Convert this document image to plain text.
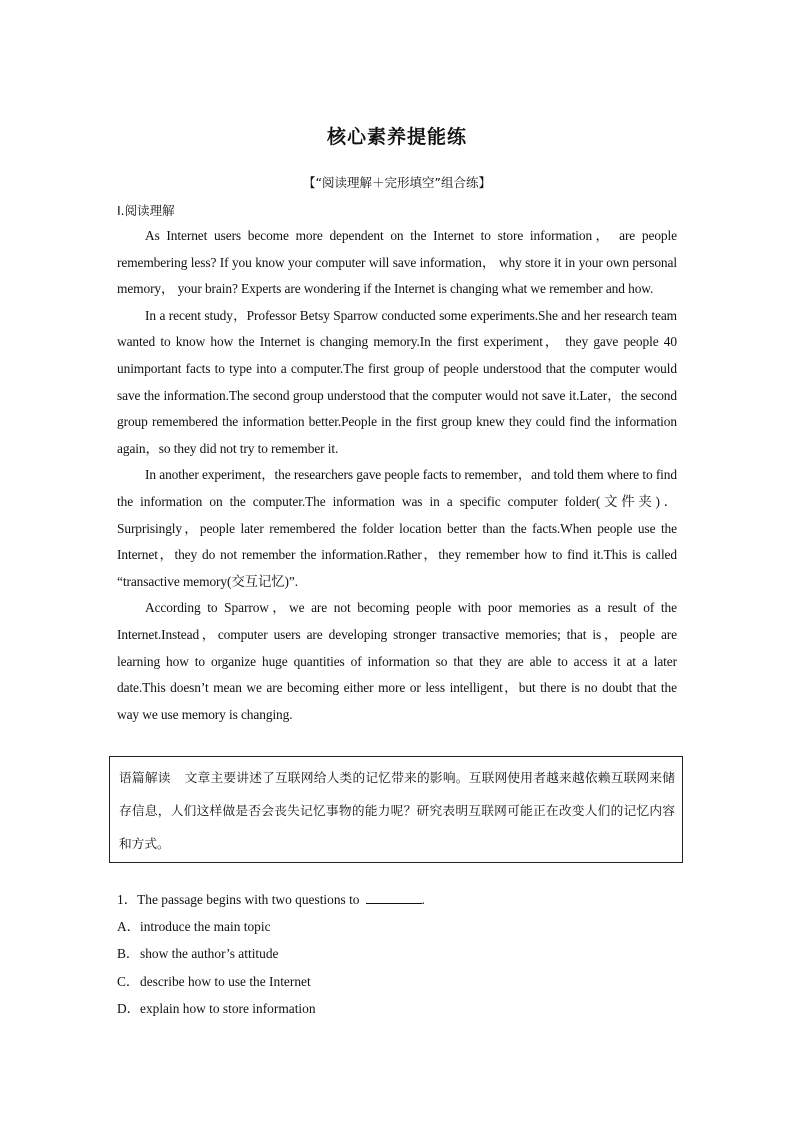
核心素养提能练
【“阅读理解＋完形填空”组合练】
Ⅰ.阅读理解

As Internet users become more dependent on the Internet to store information， are people remembering less? If you know your computer will save information， why store it in your own personal memory， your brain? Experts are wondering if the Internet is changing what we remember and how.

In a recent study，Professor Betsy Sparrow conducted some experiments.She and her research team wanted to know how the Internet is changing memory.In the first experiment， they gave people 40 unimportant facts to type into a computer.The first group of people understood that the computer would save the information.The second group understood that the computer would not save it.Later，the second group remembered the information better.People in the first group knew they could find the information again，so they did not try to remember it.

In another experiment，the researchers gave people facts to remember，and told them where to find the information on the computer.The information was in a specific computer folder(文件夹)．Surprisingly，people later remembered the folder location better than the facts.When people use the Internet，they do not remember the information.Rather，they remember how to find it.This is called “transactive memory(交互记忆)”.

According to Sparrow，we are not becoming people with poor memories as a result of the Internet.Instead，computer users are developing stronger transactive memories; that is，people are learning how to organize huge quantities of information so that they are able to access it at a later date.This doesn’t mean we are becoming either more or less intelligent，but there is no doubt that the way we use memory is changing.

语篇解读 文章主要讲述了互联网给人类的记忆带来的影响。互联网使用者越来越依赖互联网来储存信息，人们这样做是否会丧失记忆事物的能力呢？研究表明互联网可能正在改变人们的记忆内容和方式。

1．The passage begins with two questions to	.

A．introduce the main topic

B．show the author’s attitude

C．describe how to use the Internet

D．explain how to store information
